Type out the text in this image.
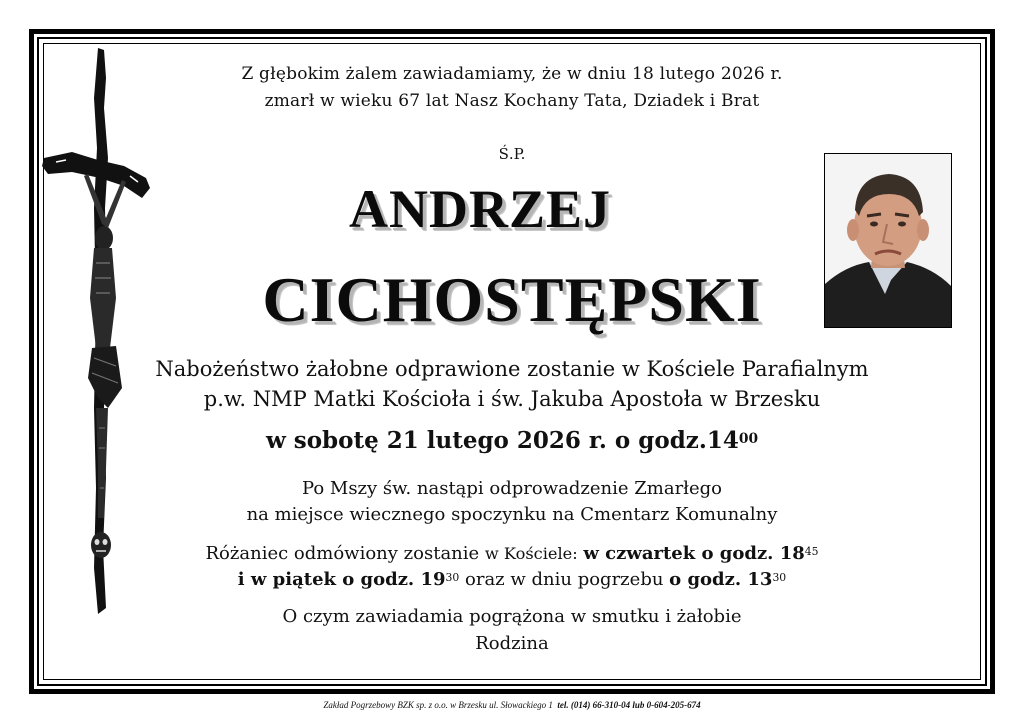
Z głębokim żalem zawiadamiamy, że w dniu 18 lutego 2026 r.
zmarł w wieku 67 lat Nasz Kochany Tata, Dziadek i Brat
Ś.P.
ANDRZEJ
CICHOSTĘPSKI
Nabożeństwo żałobne odprawione zostanie w Kościele Parafialnym
p.w. NMP Matki Kościoła i św. Jakuba Apostoła w Brzesku
w sobotę 21 lutego 2026 r. o $godz.14^{00}$
Po Mszy św. nastąpi odprowadzenie Zmarłego
na miejsce wiecznego spoczynku na Cmentarz Komunalny
Różaniec odmówiony zostanie w Kościele: w czwartek o godz. $18^{45}$
i w piątek o godz. $19^{30}$ oraz w dniu pogrzebu o godz. $13^{30}$
O czym zawiadamia pogrążona w smutku i żałobie
Rodzina
Zakład Pogrzebowy BZK sp. z o.o. w Brzesku ul. Słowackiego 1 tel. (014) 66-310-04 lub 0-604-205-674
